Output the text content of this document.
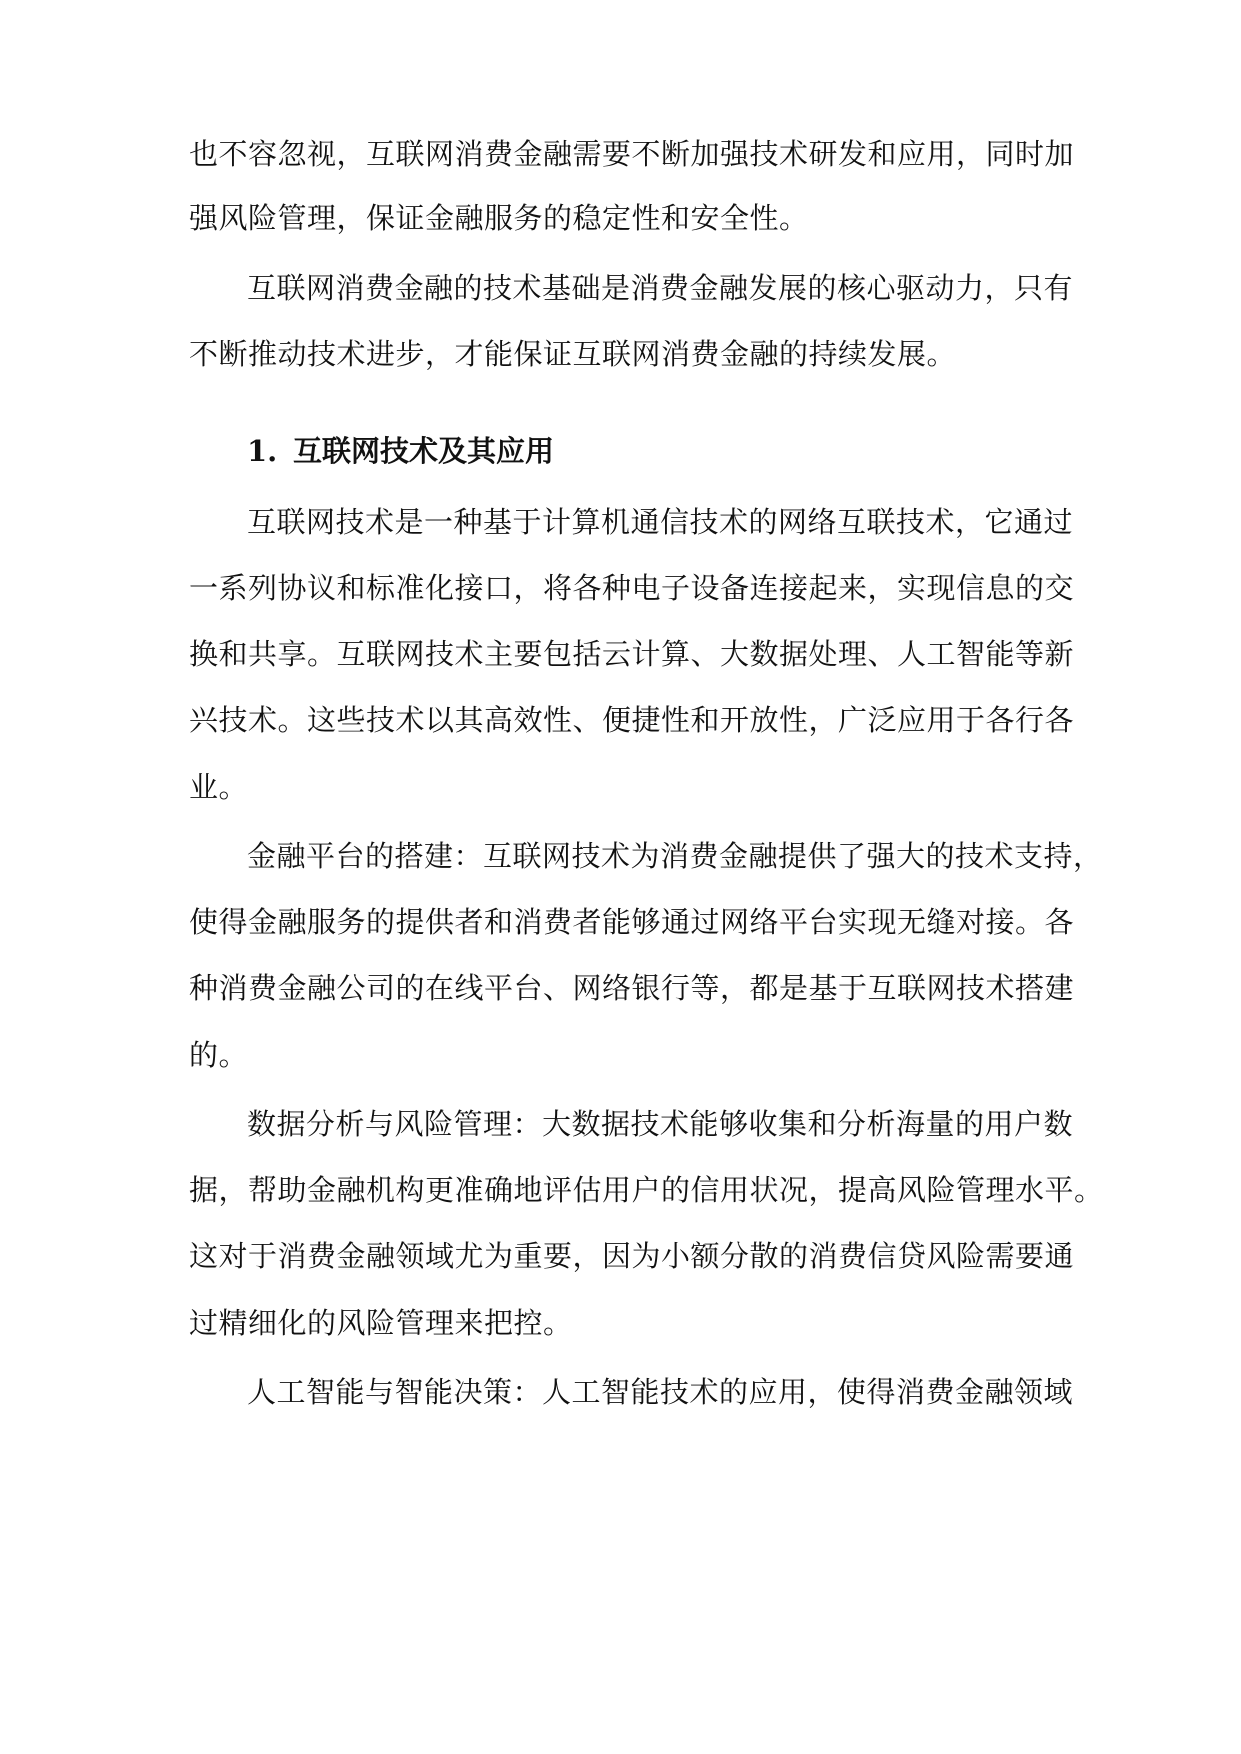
也不容忽视，互联网消费金融需要不断加强技术研发和应用，同时加
强风险管理，保证金融服务的稳定性和安全性。
互联网消费金融的技术基础是消费金融发展的核心驱动力，只有
不断推动技术进步，才能保证互联网消费金融的持续发展。
1. 互联网技术及其应用
互联网技术是一种基于计算机通信技术的网络互联技术，它通过
一系列协议和标准化接口，将各种电子设备连接起来，实现信息的交
换和共享。互联网技术主要包括云计算、大数据处理、人工智能等新
兴技术。这些技术以其高效性、便捷性和开放性，广泛应用于各行各
业。
金融平台的搭建：互联网技术为消费金融提供了强大的技术支持，
使得金融服务的提供者和消费者能够通过网络平台实现无缝对接。各
种消费金融公司的在线平台、网络银行等，都是基于互联网技术搭建
的。
数据分析与风险管理：大数据技术能够收集和分析海量的用户数
据，帮助金融机构更准确地评估用户的信用状况，提高风险管理水平。
这对于消费金融领域尤为重要，因为小额分散的消费信贷风险需要通
过精细化的风险管理来把控。
人工智能与智能决策：人工智能技术的应用，使得消费金融领域
